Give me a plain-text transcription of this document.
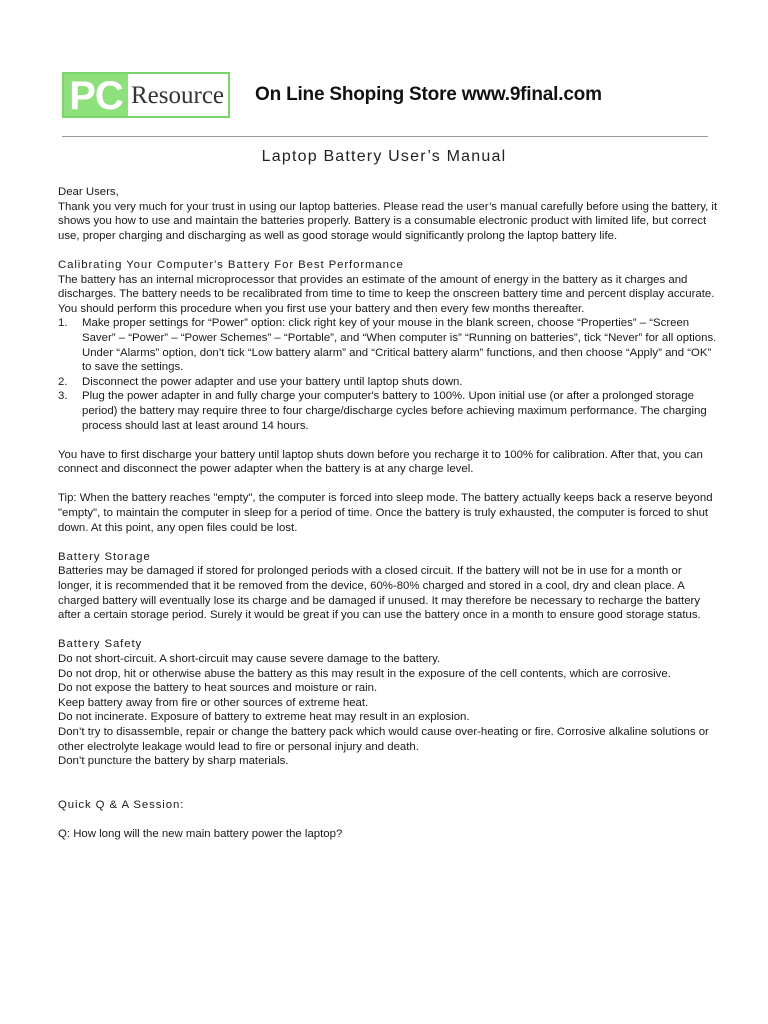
PC Resource On Line Shoping Store www.9final.com
Laptop Battery User’s Manual

Dear Users,

Thank you very much for your trust in using our laptop batteries. Please read the user’s manual carefully before using the battery, it shows you how to use and maintain the batteries properly. Battery is a consumable electronic product with limited life, but correct use, proper charging and discharging as well as good storage would significantly prolong the laptop battery life.

Calibrating Your Computer's Battery For Best Performance

The battery has an internal microprocessor that provides an estimate of the amount of energy in the battery as it charges and discharges. The battery needs to be recalibrated from time to time to keep the onscreen battery time and percent display accurate. You should perform this procedure when you first use your battery and then every few months thereafter.

1. Make proper settings for “Power” option: click right key of your mouse in the blank screen, choose “Properties” – “Screen Saver” – “Power” – “Power Schemes” – “Portable”, and “When computer is” “Running on batteries”, tick “Never” for all options. Under “Alarms” option, don’t tick “Low battery alarm” and “Critical battery alarm” functions, and then choose “Apply” and “OK” to save the settings.
2. Disconnect the power adapter and use your battery until laptop shuts down.
3. Plug the power adapter in and fully charge your computer's battery to 100%. Upon initial use (or after a prolonged storage period) the battery may require three to four charge/discharge cycles before achieving maximum performance. The charging process should last at least around 14 hours.

You have to first discharge your battery until laptop shuts down before you recharge it to 100% for calibration. After that, you can connect and disconnect the power adapter when the battery is at any charge level.

Tip: When the battery reaches "empty", the computer is forced into sleep mode. The battery actually keeps back a reserve beyond "empty", to maintain the computer in sleep for a period of time. Once the battery is truly exhausted, the computer is forced to shut down. At this point, any open files could be lost.

Battery Storage

Batteries may be damaged if stored for prolonged periods with a closed circuit. If the battery will not be in use for a month or longer, it is recommended that it be removed from the device, 60%-80% charged and stored in a cool, dry and clean place. A charged battery will eventually lose its charge and be damaged if unused. It may therefore be necessary to recharge the battery after a certain storage period. Surely it would be great if you can use the battery once in a month to ensure good storage status.

Battery Safety

Do not short-circuit. A short-circuit may cause severe damage to the battery.

Do not drop, hit or otherwise abuse the battery as this may result in the exposure of the cell contents, which are corrosive.

Do not expose the battery to heat sources and moisture or rain.

Keep battery away from fire or other sources of extreme heat.

Do not incinerate. Exposure of battery to extreme heat may result in an explosion.

Don’t try to disassemble, repair or change the battery pack which would cause over-heating or fire. Corrosive alkaline solutions or other electrolyte leakage would lead to fire or personal injury and death.

Don’t puncture the battery by sharp materials.

Quick Q & A Session:

Q: How long will the new main battery power the laptop?
